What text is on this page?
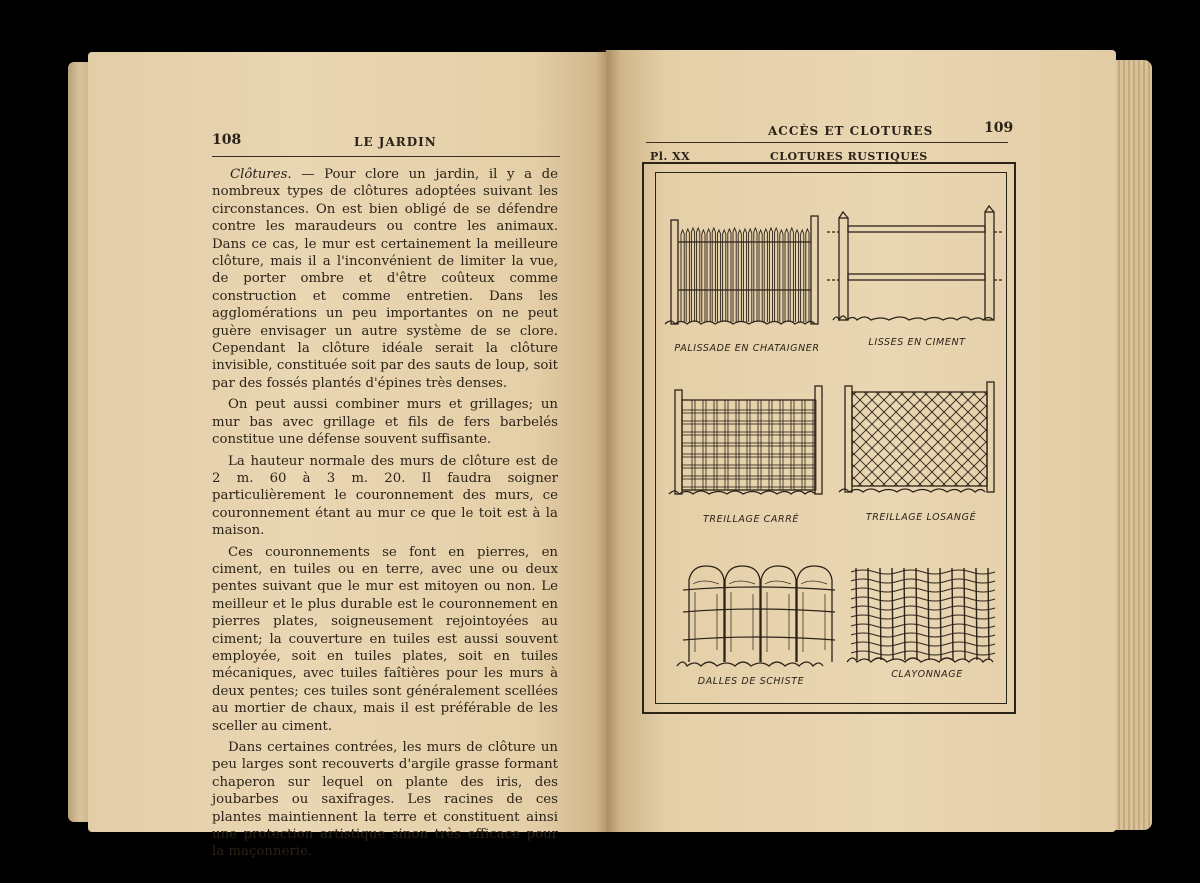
108	LE JARDIN

Clôtures. — Pour clore un jardin, il y a de nombreux types de clôtures adoptées suivant les circonstances. On est bien obligé de se défendre contre les maraudeurs ou contre les animaux. Dans ce cas, le mur est certainement la meilleure clôture, mais il a l'inconvénient de limiter la vue, de porter ombre et d'être coûteux comme construction et comme entretien. Dans les agglomérations un peu importantes on ne peut guère envisager un autre système de se clore. Cependant la clôture idéale serait la clôture invisible, constituée soit par des sauts de loup, soit par des fossés plantés d'épines très denses.

On peut aussi combiner murs et grillages; un mur bas avec grillage et fils de fers barbelés constitue une défense souvent suffisante.

La hauteur normale des murs de clôture est de 2 m. 60 à 3 m. 20. Il faudra soigner particulièrement le couronnement des murs, ce couronnement étant au mur ce que le toit est à la maison.

Ces couronnements se font en pierres, en ciment, en tuiles ou en terre, avec une ou deux pentes suivant que le mur est mitoyen ou non. Le meilleur et le plus durable est le couronnement en pierres plates, soigneusement rejointoyées au ciment; la couverture en tuiles est aussi souvent employée, soit en tuiles plates, soit en tuiles mécaniques, avec tuiles faîtières pour les murs à deux pentes; ces tuiles sont généralement scellées au mortier de chaux, mais il est préférable de les sceller au ciment.

Dans certaines contrées, les murs de clôture un peu larges sont recouverts d'argile grasse formant chaperon sur lequel on plante des iris, des joubarbes ou saxifrages. Les racines de ces plantes maintiennent la terre et constituent ainsi une protection artistique sinon très efficace pour la maçonnerie.

ACCÈS ET CLOTURES	109
Pl. XX	CLOTURES RUSTIQUES
PALISSADE EN CHATAIGNER
LISSES EN CIMENT
TREILLAGE CARRÉ	TREILLAGE LOSANGÉ
DALLES DE SCHISTE
CLAYONNAGE
